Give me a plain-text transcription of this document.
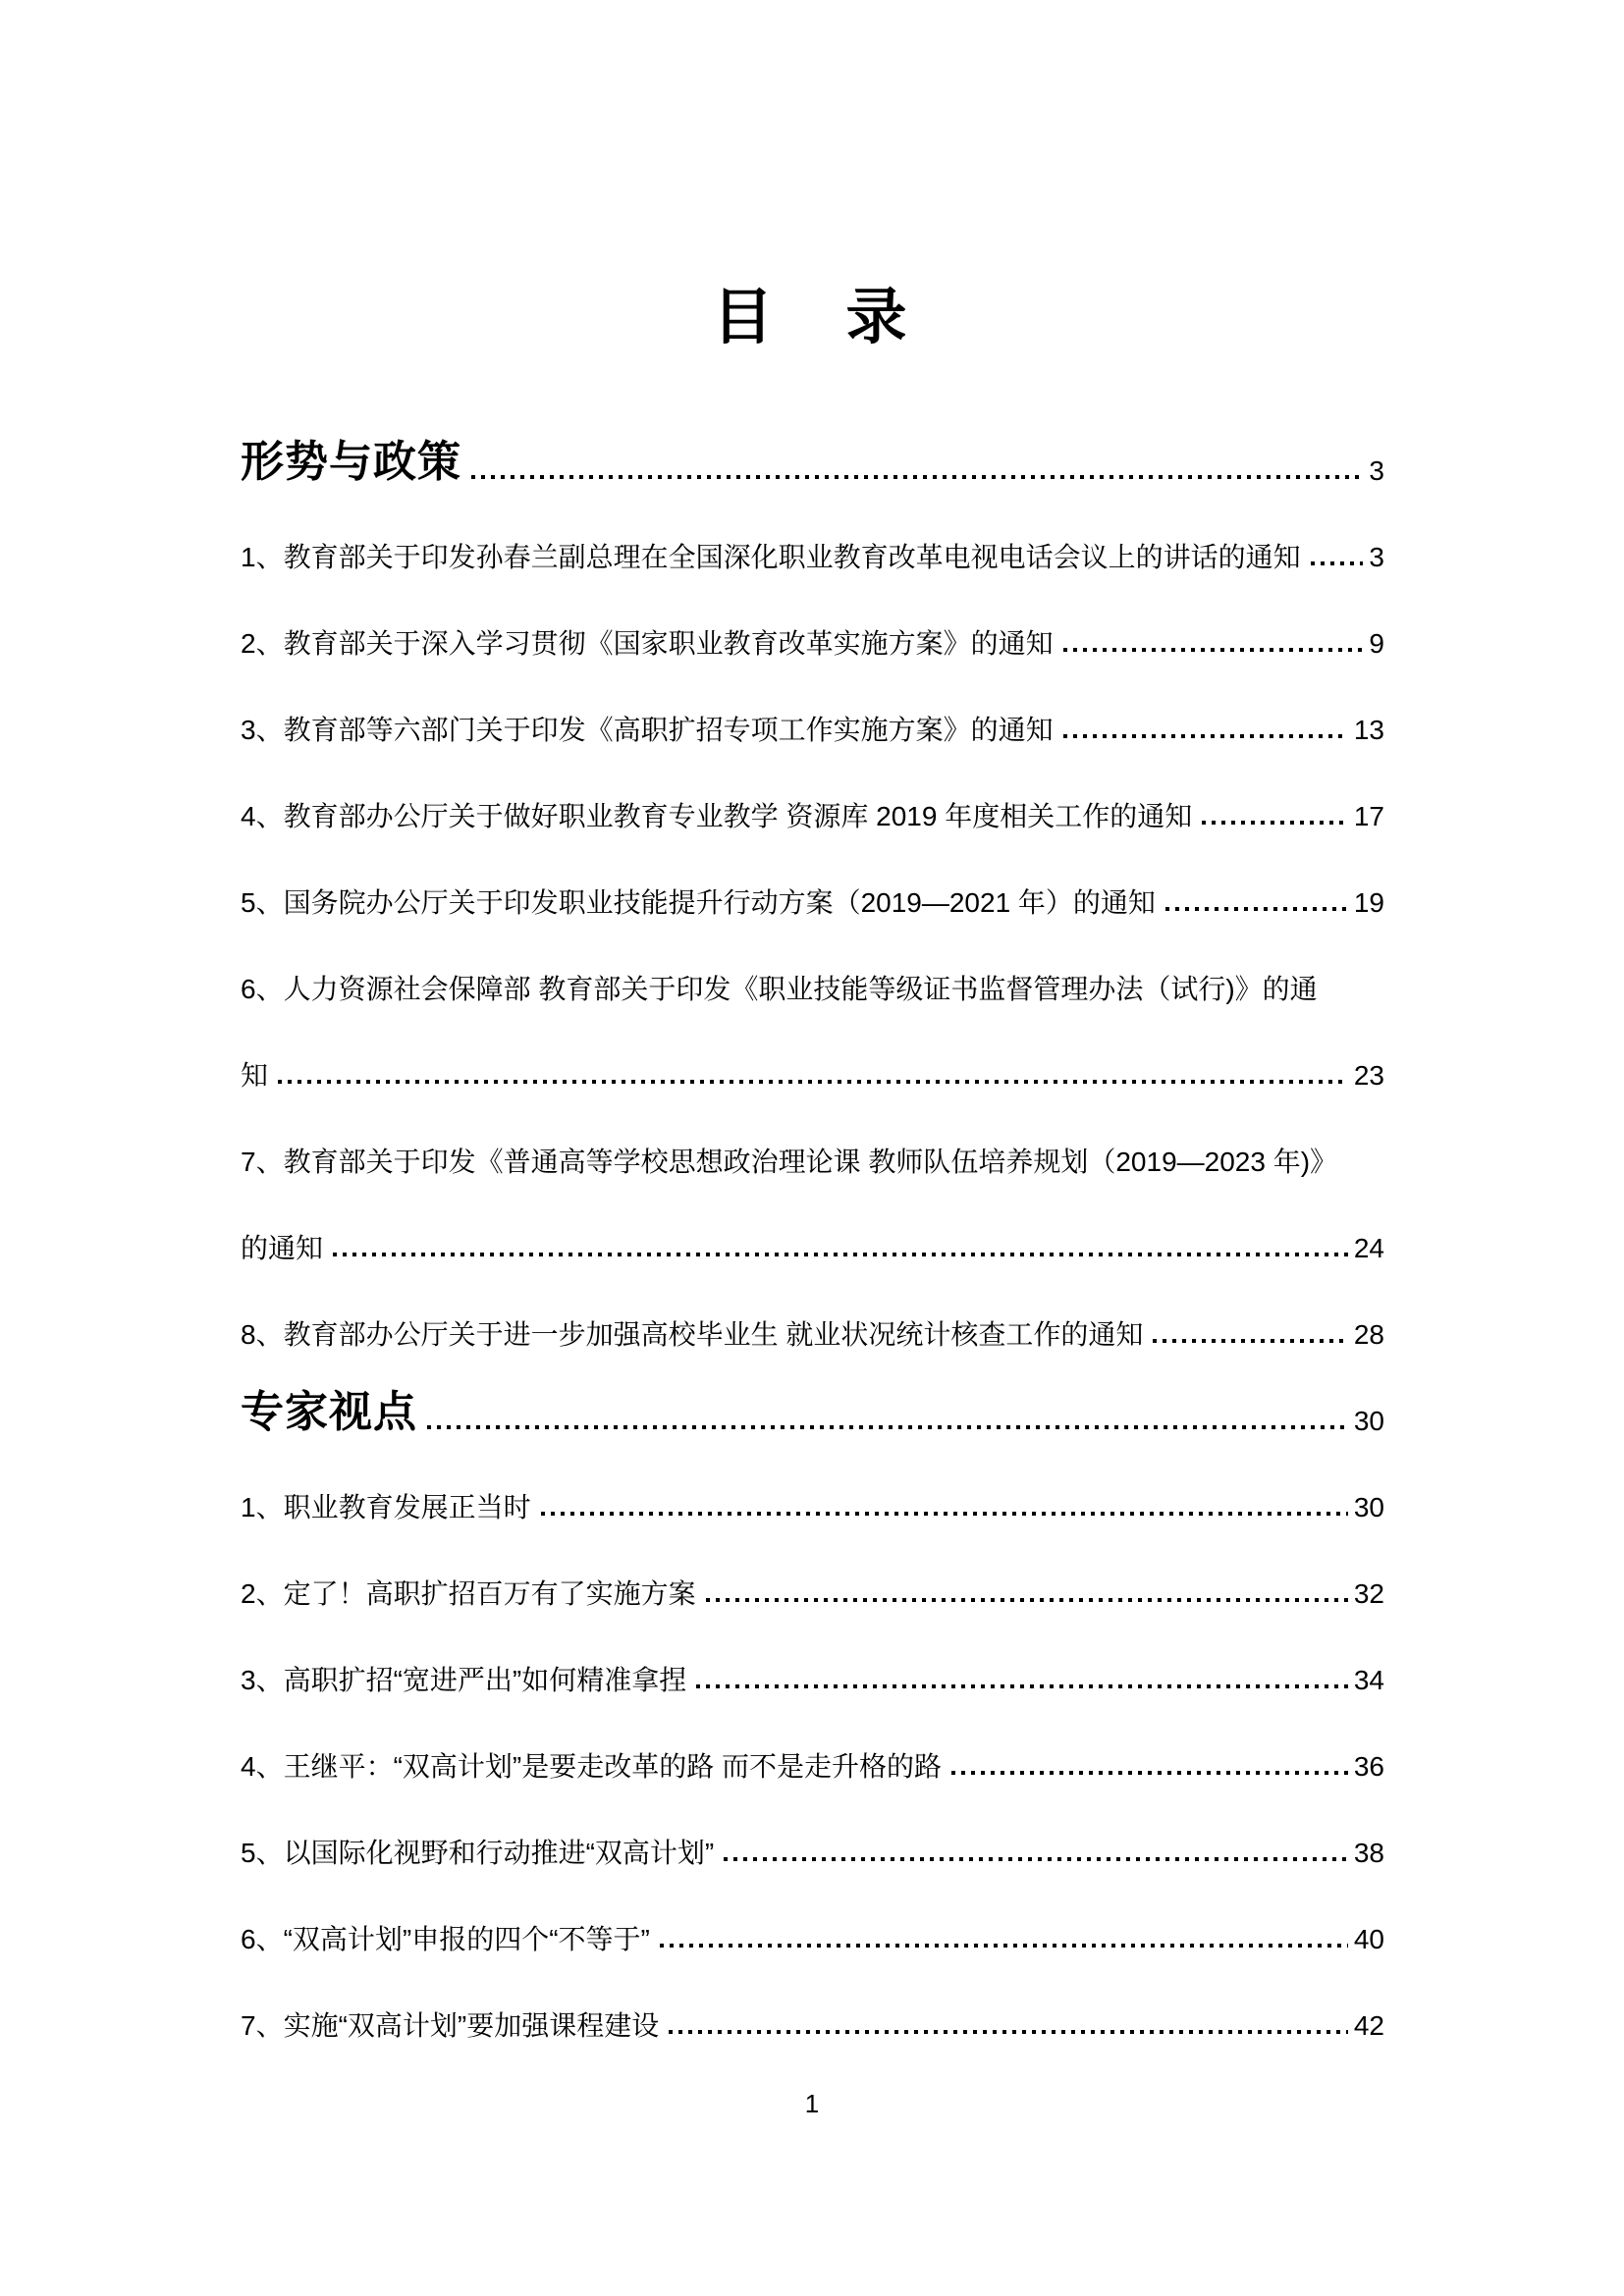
目　录
形势与政策	3
1、教育部关于印发孙春兰副总理在全国深化职业教育改革电视电话会议上的讲话的通知 3
2、教育部关于深入学习贯彻《国家职业教育改革实施方案》的通知	9
3、教育部等六部门关于印发《高职扩招专项工作实施方案》的通知	13
4、教育部办公厅关于做好职业教育专业教学 资源库 2019 年度相关工作的通知	17
5、国务院办公厅关于印发职业技能提升行动方案（2019—2021 年）的通知	19
6、人力资源社会保障部 教育部关于印发《职业技能等级证书监督管理办法（试行)》的通
知	23
7、教育部关于印发《普通高等学校思想政治理论课 教师队伍培养规划（2019—2023 年)》
的通知	24
8、教育部办公厅关于进一步加强高校毕业生 就业状况统计核查工作的通知	28
专家视点	30
1、职业教育发展正当时	30
2、定了！高职扩招百万有了实施方案	32
3、高职扩招“宽进严出”如何精准拿捏	34
4、王继平：“双高计划”是要走改革的路 而不是走升格的路	36
5、以国际化视野和行动推进“双高计划”	38
6、“双高计划”申报的四个“不等于”	40
7、实施“双高计划”要加强课程建设	42
1
